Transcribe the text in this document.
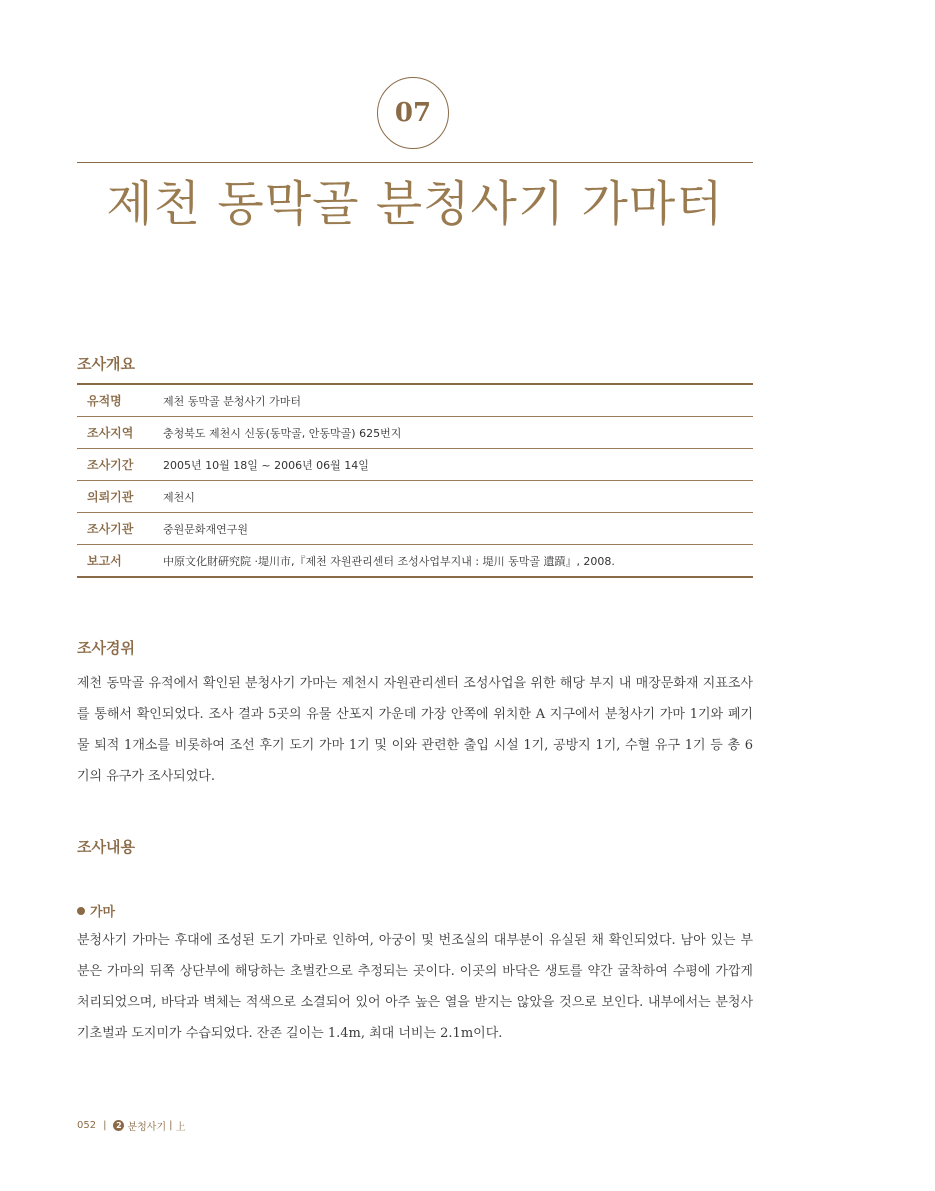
07
제천 동막골 분청사기 가마터
조사개요
유적명	제천 동막골 분청사기 가마터
조사지역	충청북도 제천시 신동(동막골, 안동막골) 625번지
조사기간	2005년 10월 18일 ~ 2006년 06월 14일
의뢰기관	제천시
조사기관	중원문화재연구원
보고서	中原文化財硏究院 ·堤川市,『제천 자원관리센터 조성사업부지내 : 堤川 동막골 遺蹟』, 2008.
조사경위

제천 동막골 유적에서 확인된 분청사기 가마는 제천시 자원관리센터 조성사업을 위한 해당 부지 내 매장문화재 지표조사를 통해서 확인되었다. 조사 결과 5곳의 유물 산포지 가운데 가장 안쪽에 위치한 A 지구에서 분청사기 가마 1기와 폐기물 퇴적 1개소를 비롯하여 조선 후기 도기 가마 1기 및 이와 관련한 출입 시설 1기, 공방지 1기, 수혈 유구 1기 등 총 6기의 유구가 조사되었다.

조사내용
가마

분청사기 가마는 후대에 조성된 도기 가마로 인하여, 아궁이 및 번조실의 대부분이 유실된 채 확인되었다. 남아 있는 부분은 가마의 뒤쪽 상단부에 해당하는 초벌칸으로 추정되는 곳이다. 이곳의 바닥은 생토를 약간 굴착하여 수평에 가깝게 처리되었으며, 바닥과 벽체는 적색으로 소결되어 있어 아주 높은 열을 받지는 않았을 것으로 보인다. 내부에서는 분청사기초벌과 도지미가 수습되었다. 잔존 길이는 1.4m, 최대 너비는 2.1m이다.

052 |	2 분청사기 | 上
